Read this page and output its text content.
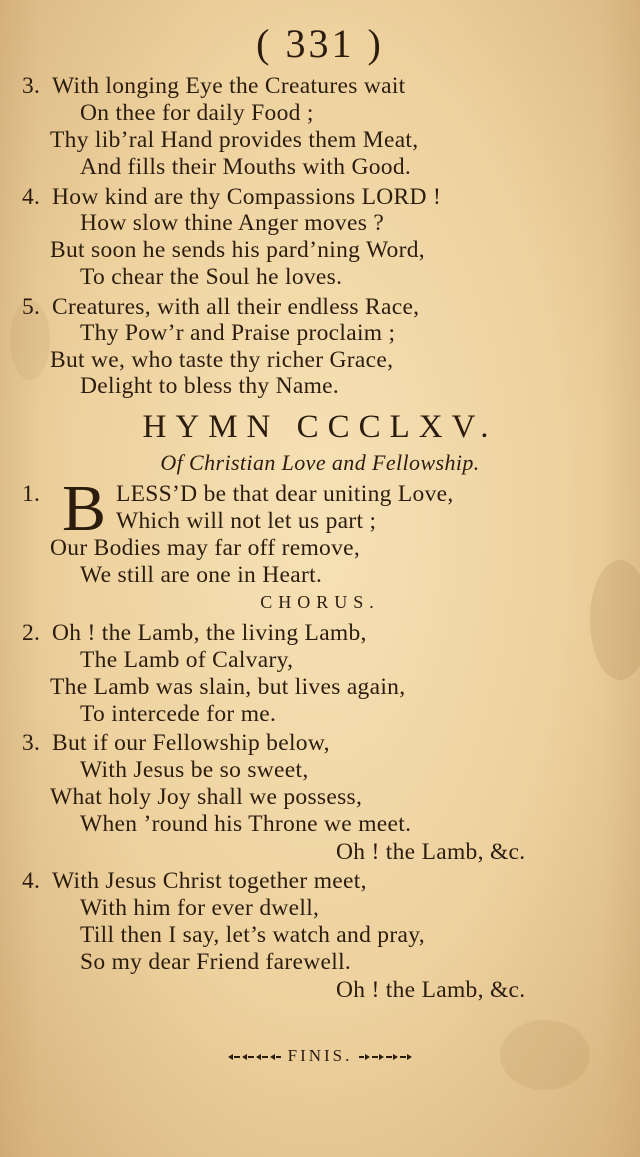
( 331 )
3. With longing Eye the Creatures wait
On thee for daily Food ;
Thy lib’ral Hand provides them Meat,
And fills their Mouths with Good.
4. How kind are thy Compassions LORD !
How slow thine Anger moves ?
But soon he sends his pard’ning Word,
To chear the Soul he loves.
5. Creatures, with all their endless Race,
Thy Pow’r and Praise proclaim ;
But we, who taste thy richer Grace,
Delight to bless thy Name.
HYMN CCCLXV.
Of Christian Love and Fellowship.
1. B LESS’D be that dear uniting Love,
Which will not let us part ;
Our Bodies may far off remove,
We still are one in Heart.
CHORUS.
2. Oh ! the Lamb, the living Lamb,
The Lamb of Calvary,
The Lamb was slain, but lives again,
To intercede for me.
3. But if our Fellowship below,
With Jesus be so sweet,
What holy Joy shall we possess,
When ’round his Throne we meet.
Oh ! the Lamb, &c.
4. With Jesus Christ together meet,
With him for ever dwell,
Till then I say, let’s watch and pray,
So my dear Friend farewell.
Oh ! the Lamb, &c.
FINIS.
